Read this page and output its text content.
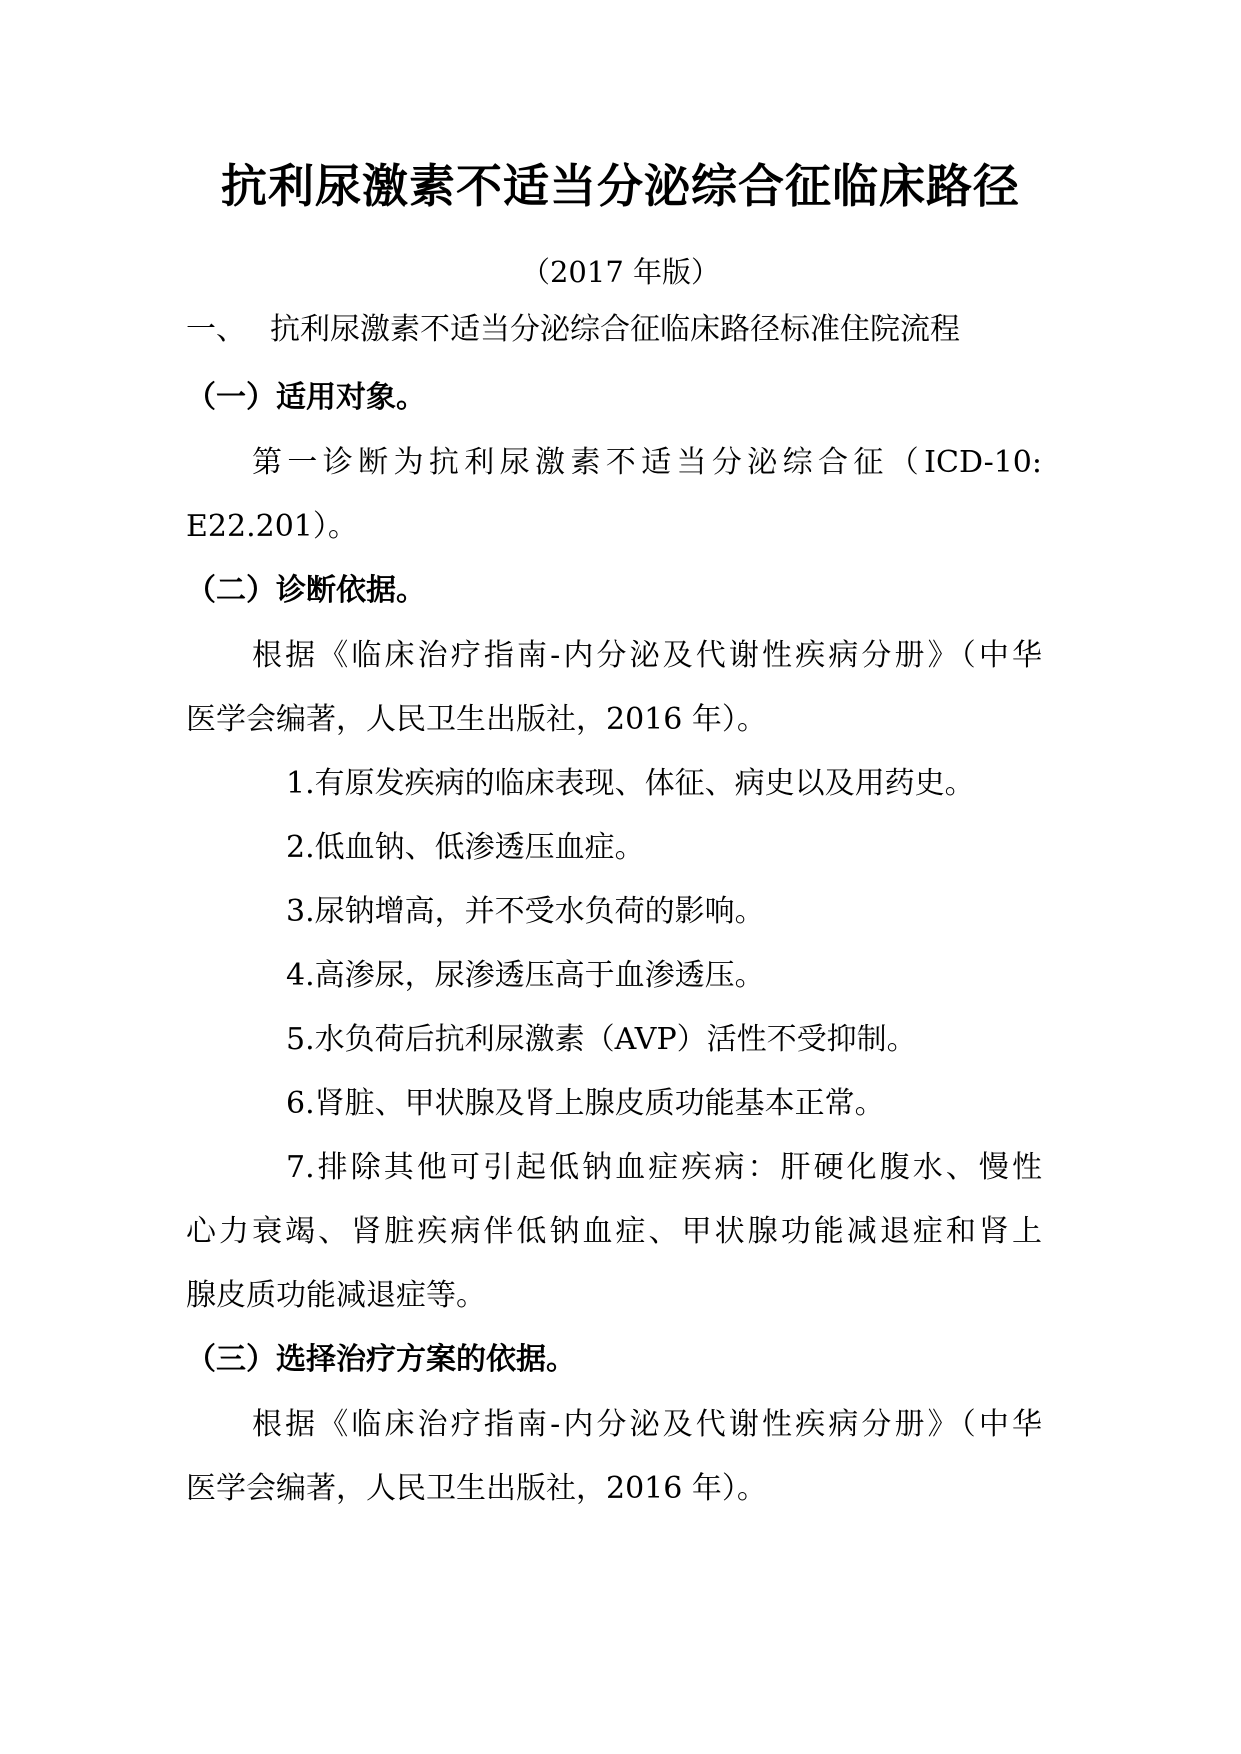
抗利尿激素不适当分泌综合征临床路径
（2017 年版）
一、 抗利尿激素不适当分泌综合征临床路径标准住院流程
（一）适用对象。
第一诊断为抗利尿激素不适当分泌综合征（ICD-10:
E22.201）。
（二）诊断依据。
根据《临床治疗指南-内分泌及代谢性疾病分册》（中华
医学会编著，人民卫生出版社，2016 年）。
1.有原发疾病的临床表现、体征、病史以及用药史。
2.低血钠、低渗透压血症。
3.尿钠增高，并不受水负荷的影响。
4.高渗尿，尿渗透压高于血渗透压。
5.水负荷后抗利尿激素（AVP）活性不受抑制。
6.肾脏、甲状腺及肾上腺皮质功能基本正常。
7.排除其他可引起低钠血症疾病：肝硬化腹水、慢性
心力衰竭、肾脏疾病伴低钠血症、甲状腺功能减退症和肾上
腺皮质功能减退症等。
（三）选择治疗方案的依据。
根据《临床治疗指南-内分泌及代谢性疾病分册》（中华
医学会编著，人民卫生出版社，2016 年）。
